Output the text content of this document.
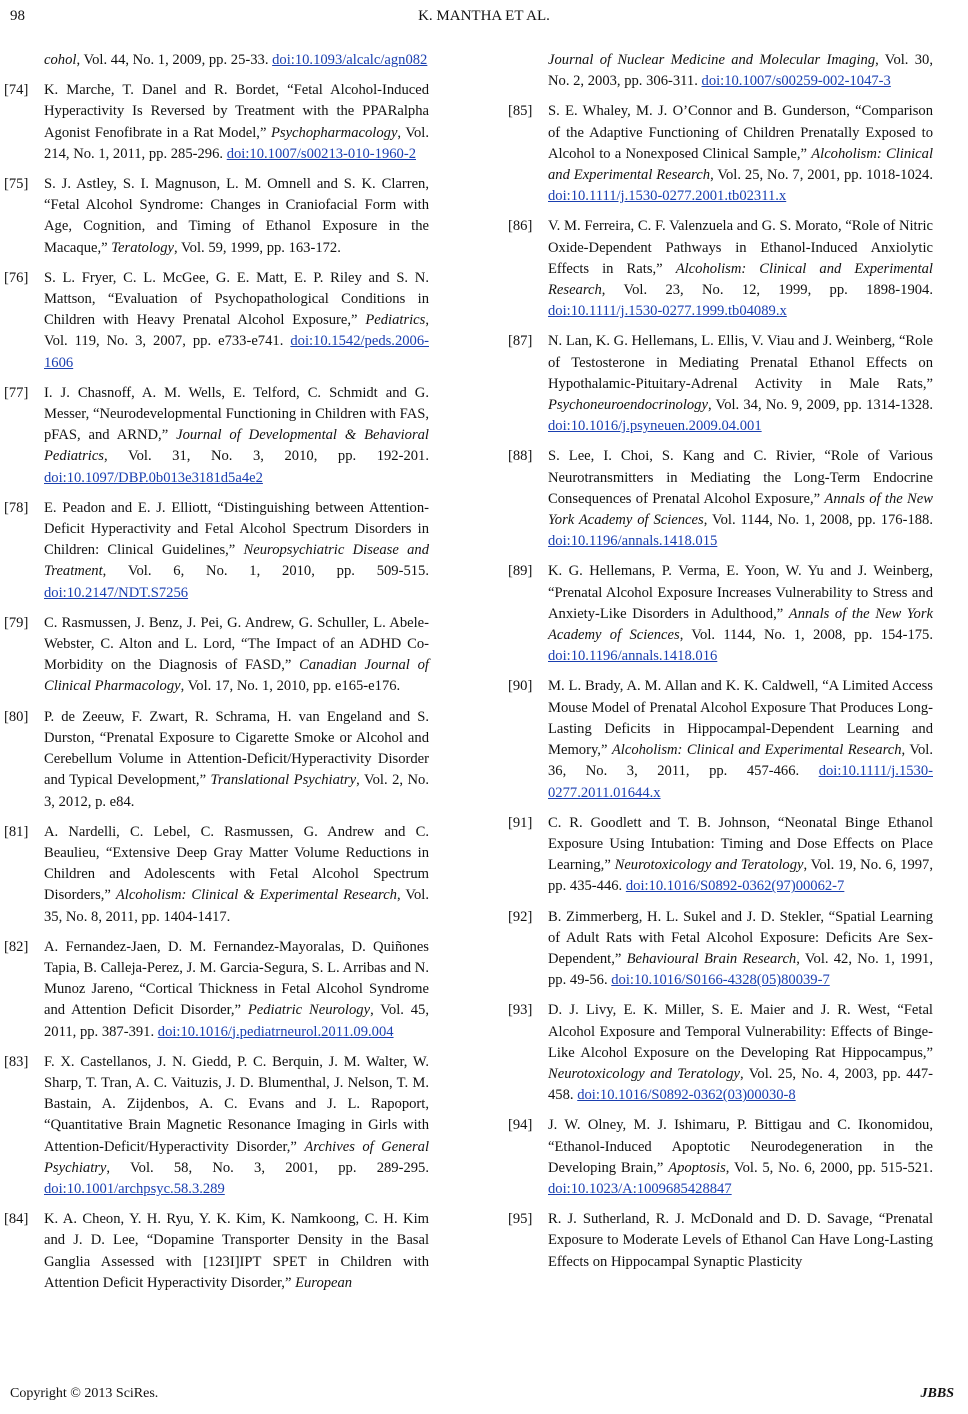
98	K. MANTHA ET AL.
cohol, Vol. 44, No. 1, 2009, pp. 25-33. doi:10.1093/alcalc/agn082
[74] K. Marche, T. Danel and R. Bordet, “Fetal Alcohol-Induced Hyperactivity Is Reversed by Treatment with the PPARalpha Agonist Fenofibrate in a Rat Model,” Psychopharmacology, Vol. 214, No. 1, 2011, pp. 285-296. doi:10.1007/s00213-010-1960-2
[75] S. J. Astley, S. I. Magnuson, L. M. Omnell and S. K. Clarren, “Fetal Alcohol Syndrome: Changes in Craniofacial Form with Age, Cognition, and Timing of Ethanol Exposure in the Macaque,” Teratology, Vol. 59, 1999, pp. 163-172.
[76] S. L. Fryer, C. L. McGee, G. E. Matt, E. P. Riley and S. N. Mattson, “Evaluation of Psychopathological Conditions in Children with Heavy Prenatal Alcohol Exposure,” Pediatrics, Vol. 119, No. 3, 2007, pp. e733-e741. doi:10.1542/peds.2006-1606
[77] I. J. Chasnoff, A. M. Wells, E. Telford, C. Schmidt and G. Messer, “Neurodevelopmental Functioning in Children with FAS, pFAS, and ARND,” Journal of Developmental & Behavioral Pediatrics, Vol. 31, No. 3, 2010, pp. 192-201. doi:10.1097/DBP.0b013e3181d5a4e2
[78] E. Peadon and E. J. Elliott, “Distinguishing between Attention-Deficit Hyperactivity and Fetal Alcohol Spectrum Disorders in Children: Clinical Guidelines,” Neuropsychiatric Disease and Treatment, Vol. 6, No. 1, 2010, pp. 509-515. doi:10.2147/NDT.S7256
[79] C. Rasmussen, J. Benz, J. Pei, G. Andrew, G. Schuller, L. Abele-Webster, C. Alton and L. Lord, “The Impact of an ADHD Co-Morbidity on the Diagnosis of FASD,” Canadian Journal of Clinical Pharmacology, Vol. 17, No. 1, 2010, pp. e165-e176.
[80] P. de Zeeuw, F. Zwart, R. Schrama, H. van Engeland and S. Durston, “Prenatal Exposure to Cigarette Smoke or Alcohol and Cerebellum Volume in Attention-Deficit/Hyperactivity Disorder and Typical Development,” Translational Psychiatry, Vol. 2, No. 3, 2012, p. e84.
[81] A. Nardelli, C. Lebel, C. Rasmussen, G. Andrew and C. Beaulieu, “Extensive Deep Gray Matter Volume Reductions in Children and Adolescents with Fetal Alcohol Spectrum Disorders,” Alcoholism: Clinical & Experimental Research, Vol. 35, No. 8, 2011, pp. 1404-1417.
[82] A. Fernandez-Jaen, D. M. Fernandez-Mayoralas, D. Quiñones Tapia, B. Calleja-Perez, J. M. Garcia-Segura, S. L. Arribas and N. Munoz Jareno, “Cortical Thickness in Fetal Alcohol Syndrome and Attention Deficit Disorder,” Pediatric Neurology, Vol. 45, 2011, pp. 387-391. doi:10.1016/j.pediatrneurol.2011.09.004
[83] F. X. Castellanos, J. N. Giedd, P. C. Berquin, J. M. Walter, W. Sharp, T. Tran, A. C. Vaituzis, J. D. Blumenthal, J. Nelson, T. M. Bastain, A. Zijdenbos, A. C. Evans and J. L. Rapoport, “Quantitative Brain Magnetic Resonance Imaging in Girls with Attention-Deficit/Hyperactivity Disorder,” Archives of General Psychiatry, Vol. 58, No. 3, 2001, pp. 289-295. doi:10.1001/archpsyc.58.3.289
[84] K. A. Cheon, Y. H. Ryu, Y. K. Kim, K. Namkoong, C. H. Kim and J. D. Lee, “Dopamine Transporter Density in the Basal Ganglia Assessed with [123I]IPT SPET in Children with Attention Deficit Hyperactivity Disorder,” European
Journal of Nuclear Medicine and Molecular Imaging, Vol. 30, No. 2, 2003, pp. 306-311. doi:10.1007/s00259-002-1047-3
[85] S. E. Whaley, M. J. O’Connor and B. Gunderson, “Comparison of the Adaptive Functioning of Children Prenatally Exposed to Alcohol to a Nonexposed Clinical Sample,” Alcoholism: Clinical and Experimental Research, Vol. 25, No. 7, 2001, pp. 1018-1024. doi:10.1111/j.1530-0277.2001.tb02311.x
[86] V. M. Ferreira, C. F. Valenzuela and G. S. Morato, “Role of Nitric Oxide-Dependent Pathways in Ethanol-Induced Anxiolytic Effects in Rats,” Alcoholism: Clinical and Experimental Research, Vol. 23, No. 12, 1999, pp. 1898-1904. doi:10.1111/j.1530-0277.1999.tb04089.x
[87] N. Lan, K. G. Hellemans, L. Ellis, V. Viau and J. Weinberg, “Role of Testosterone in Mediating Prenatal Ethanol Effects on Hypothalamic-Pituitary-Adrenal Activity in Male Rats,” Psychoneuroendocrinology, Vol. 34, No. 9, 2009, pp. 1314-1328. doi:10.1016/j.psyneuen.2009.04.001
[88] S. Lee, I. Choi, S. Kang and C. Rivier, “Role of Various Neurotransmitters in Mediating the Long-Term Endocrine Consequences of Prenatal Alcohol Exposure,” Annals of the New York Academy of Sciences, Vol. 1144, No. 1, 2008, pp. 176-188. doi:10.1196/annals.1418.015
[89] K. G. Hellemans, P. Verma, E. Yoon, W. Yu and J. Weinberg, “Prenatal Alcohol Exposure Increases Vulnerability to Stress and Anxiety-Like Disorders in Adulthood,” Annals of the New York Academy of Sciences, Vol. 1144, No. 1, 2008, pp. 154-175. doi:10.1196/annals.1418.016
[90] M. L. Brady, A. M. Allan and K. K. Caldwell, “A Limited Access Mouse Model of Prenatal Alcohol Exposure That Produces Long-Lasting Deficits in Hippocampal-Dependent Learning and Memory,” Alcoholism: Clinical and Experimental Research, Vol. 36, No. 3, 2011, pp. 457-466. doi:10.1111/j.1530-0277.2011.01644.x
[91] C. R. Goodlett and T. B. Johnson, “Neonatal Binge Ethanol Exposure Using Intubation: Timing and Dose Effects on Place Learning,” Neurotoxicology and Teratology, Vol. 19, No. 6, 1997, pp. 435-446. doi:10.1016/S0892-0362(97)00062-7
[92] B. Zimmerberg, H. L. Sukel and J. D. Stekler, “Spatial Learning of Adult Rats with Fetal Alcohol Exposure: Deficits Are Sex-Dependent,” Behavioural Brain Research, Vol. 42, No. 1, 1991, pp. 49-56. doi:10.1016/S0166-4328(05)80039-7
[93] D. J. Livy, E. K. Miller, S. E. Maier and J. R. West, “Fetal Alcohol Exposure and Temporal Vulnerability: Effects of Binge-Like Alcohol Exposure on the Developing Rat Hippocampus,” Neurotoxicology and Teratology, Vol. 25, No. 4, 2003, pp. 447-458. doi:10.1016/S0892-0362(03)00030-8
[94] J. W. Olney, M. J. Ishimaru, P. Bittigau and C. Ikonomidou, “Ethanol-Induced Apoptotic Neurodegeneration in the Developing Brain,” Apoptosis, Vol. 5, No. 6, 2000, pp. 515-521. doi:10.1023/A:1009685428847
[95] R. J. Sutherland, R. J. McDonald and D. D. Savage, “Prenatal Exposure to Moderate Levels of Ethanol Can Have Long-Lasting Effects on Hippocampal Synaptic Plasticity
Copyright © 2013 SciRes.	JBBS
